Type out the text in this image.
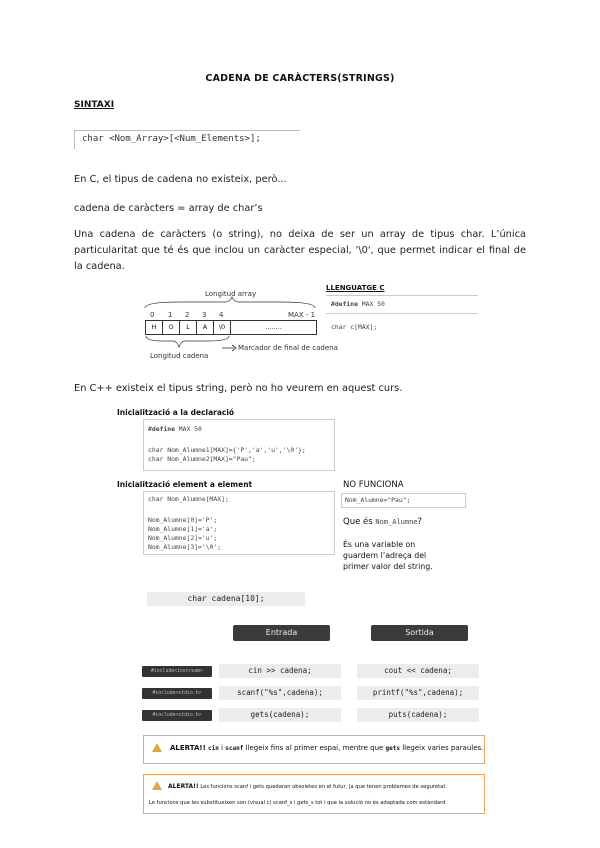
CADENA DE CARÀCTERS(STRINGS)
SINTAXI
char <Nom_Array>[<Num_Elements>];
En C, el tipus de cadena no existeix, però...
cadena de caràcters = array de char’s
Una cadena de caràcters (o string), no deixa de ser un array de tipus char. L’única particularitat que té és que inclou un caràcter especial, '\0', que permet indicar el final de la cadena.
Longitud array
0 1 2 3 4	MAX - 1
H	O	L	A	\0	........
Marcador de final de cadena
Longitud cadena
LLENGUATGE C
#define MAX 50
char c[MAX];
En C++ existeix el tipus string, però no ho veurem en aquest curs.
Inicialització a la declaració
#define MAX 50
char Nom_Alumne1[MAX]={'P','a','u','\0'};
char Nom_Alumne2[MAX]="Pau";
Inicialització element a element
char Nom_Alumne[MAX];
Nom_Alumne[0]='P';
Nom_Alumne[1]='a';
Nom_Alumne[2]='u';
Nom_Alumne[3]='\0';
NO FUNCIONA
Nom_Alumne="Pau";
Que és Nom_Alumne?
És una variable on guardem l’adreça del primer valor del string.
char cadena[10];
Entrada	Sortida
#include<iostream>	cin >> cadena;	cout << cadena;
#include<stdio.h>	scanf("%s",cadena);	printf("%s",cadena);
#include<stdio.h>	gets(cadena);	puts(cadena);
ALERTA!! cin i scanf llegeix fins al primer espai, mentre que gets llegeix varies paraules.
ALERTA!! Les funcions scanf i gets quedaran obsoletes en el futur, ja que tenen problemes de seguretat.
Le funcions que les substitueixen son (visual c) scanf_s i gets_s tot i que la solució no és adaptada com estàndard
